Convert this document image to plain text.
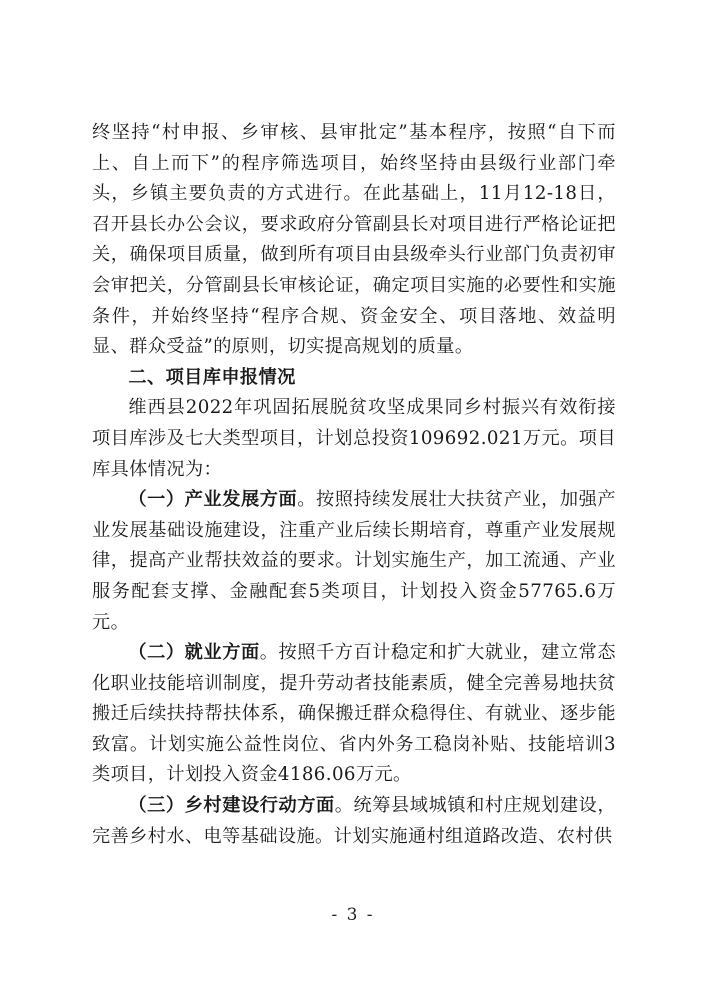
终坚持“村申报、乡审核、县审批定”基本程序，按照“自下而上、自上而下”的程序筛选项目，始终坚持由县级行业部门牵头，乡镇主要负责的方式进行。在此基础上，11月12-18日，召开县长办公会议，要求政府分管副县长对项目进行严格论证把关，确保项目质量，做到所有项目由县级牵头行业部门负责初审会审把关，分管副县长审核论证，确定项目实施的必要性和实施条件，并始终坚持“程序合规、资金安全、项目落地、效益明显、群众受益”的原则，切实提高规划的质量。

二、项目库申报情况

维西县2022年巩固拓展脱贫攻坚成果同乡村振兴有效衔接项目库涉及七大类型项目，计划总投资109692.021万元。项目库具体情况为：

（一）产业发展方面。按照持续发展壮大扶贫产业，加强产业发展基础设施建设，注重产业后续长期培育，尊重产业发展规律，提高产业帮扶效益的要求。计划实施生产，加工流通、产业服务配套支撑、金融配套5类项目，计划投入资金57765.6万元。

（二）就业方面。按照千方百计稳定和扩大就业，建立常态化职业技能培训制度，提升劳动者技能素质，健全完善易地扶贫搬迁后续扶持帮扶体系，确保搬迁群众稳得住、有就业、逐步能致富。计划实施公益性岗位、省内外务工稳岗补贴、技能培训3类项目，计划投入资金4186.06万元。

（三）乡村建设行动方面。统筹县域城镇和村庄规划建设，完善乡村水、电等基础设施。计划实施通村组道路改造、农村供

- 3 -
